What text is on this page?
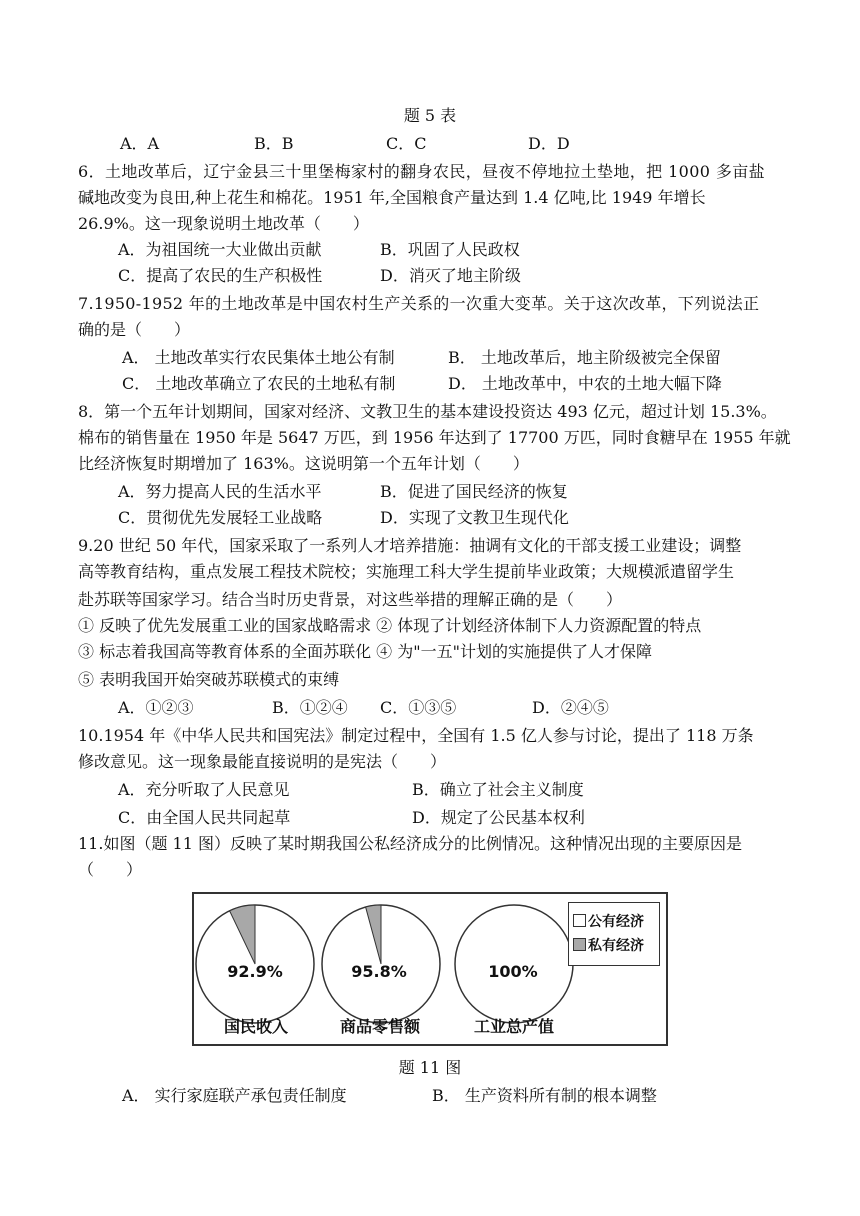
题 5 表
A．A	B．B	C．C	D．D
6．土地改革后，辽宁金县三十里堡梅家村的翻身农民，昼夜不停地拉土垫地，把 1000 多亩盐
碱地改变为良田,种上花生和棉花。1951 年,全国粮食产量达到 1.4 亿吨,比 1949 年增长
26.9%。这一现象说明土地改革（　　）
A．为祖国统一大业做出贡献	B．巩固了人民政权
C．提高了农民的生产积极性	D．消灭了地主阶级
7.1950-1952 年的土地改革是中国农村生产关系的一次重大变革。关于这次改革，下列说法正
确的是（　　）
A． 土地改革实行农民集体土地公有制	B． 土地改革后，地主阶级被完全保留
C． 土地改革确立了农民的土地私有制	D． 土地改革中，中农的土地大幅下降
8．第一个五年计划期间，国家对经济、文教卫生的基本建设投资达 493 亿元，超过计划 15.3%。
棉布的销售量在 1950 年是 5647 万匹，到 1956 年达到了 17700 万匹，同时食糖早在 1955 年就
比经济恢复时期增加了 163%。这说明第一个五年计划（　　）
A．努力提高人民的生活水平	B．促进了国民经济的恢复
C．贯彻优先发展轻工业战略	D．实现了文教卫生现代化
9.20 世纪 50 年代，国家采取了一系列人才培养措施：抽调有文化的干部支援工业建设；调整
高等教育结构，重点发展工程技术院校；实施理工科大学生提前毕业政策；大规模派遣留学生
赴苏联等国家学习。结合当时历史背景，对这些举措的理解正确的是（　　）
① 反映了优先发展重工业的国家战略需求 ② 体现了计划经济体制下人力资源配置的特点
③ 标志着我国高等教育体系的全面苏联化 ④ 为"一五"计划的实施提供了人才保障
⑤ 表明我国开始突破苏联模式的束缚
A．①②③	B．①②④ C．①③⑤	D．②④⑤
10.1954 年《中华人民共和国宪法》制定过程中，全国有 1.5 亿人参与讨论，提出了 118 万条
修改意见。这一现象最能直接说明的是宪法（　　）
A．充分听取了人民意见	B．确立了社会主义制度
C．由全国人民共同起草	D．规定了公民基本权利
11.如图（题 11 图）反映了某时期我国公私经济成分的比例情况。这种情况出现的主要原因是
（　　）
92.9%	95.8%	100%
国民收入	商品零售额	工业总产值
公有经济
私有经济
题 11 图
A． 实行家庭联产承包责任制度	B． 生产资料所有制的根本调整
